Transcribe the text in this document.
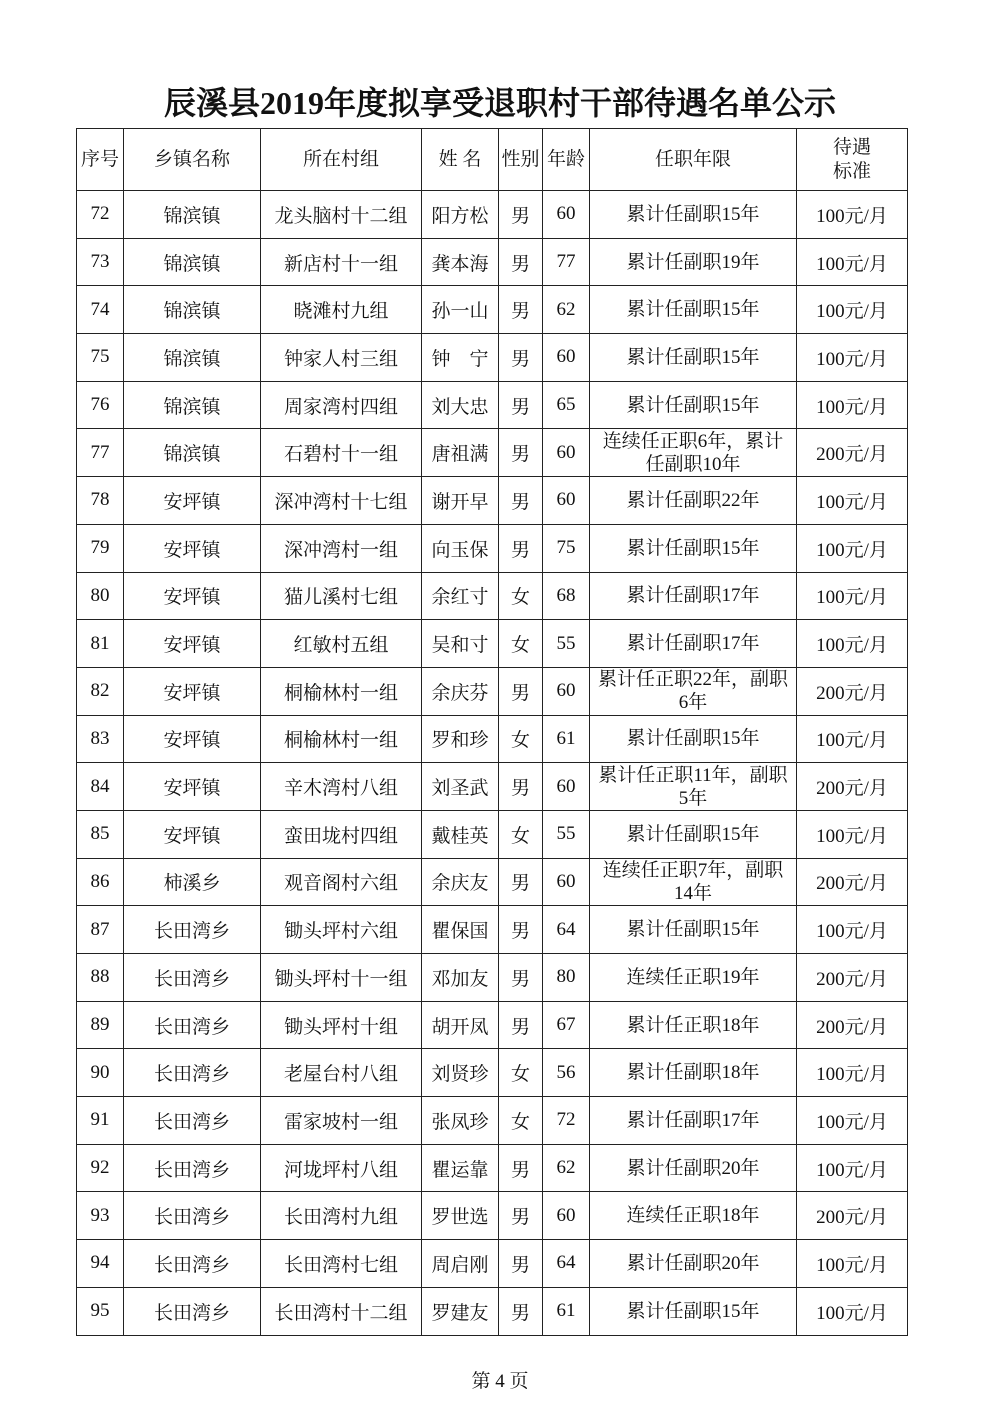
辰溪县2019年度拟享受退职村干部待遇名单公示
序号	乡镇名称	所在村组	姓 名	性别	年龄	任职年限	待遇标准
72	锦滨镇	龙头脑村十二组	阳方松	男	60	累计任副职15年	100元/月
73	锦滨镇	新店村十一组	龚本海	男	77	累计任副职19年	100元/月
74	锦滨镇	晓滩村九组	孙一山	男	62	累计任副职15年	100元/月
75	锦滨镇	钟家人村三组	钟　宁	男	60	累计任副职15年	100元/月
76	锦滨镇	周家湾村四组	刘大忠	男	65	累计任副职15年	100元/月
77	锦滨镇	石碧村十一组	唐祖满	男	60	连续任正职6年，累计任副职10年	200元/月
78	安坪镇	深冲湾村十七组	谢开早	男	60	累计任副职22年	100元/月
79	安坪镇	深冲湾村一组	向玉保	男	75	累计任副职15年	100元/月
80	安坪镇	猫儿溪村七组	余红寸	女	68	累计任副职17年	100元/月
81	安坪镇	红敏村五组	吴和寸	女	55	累计任副职17年	100元/月
82	安坪镇	桐榆林村一组	余庆芬	男	60	累计任正职22年，副职6年	200元/月
83	安坪镇	桐榆林村一组	罗和珍	女	61	累计任副职15年	100元/月
84	安坪镇	辛木湾村八组	刘圣武	男	60	累计任正职11年，副职5年	200元/月
85	安坪镇	蛮田垅村四组	戴桂英	女	55	累计任副职15年	100元/月
86	柿溪乡	观音阁村六组	余庆友	男	60	连续任正职7年，副职14年	200元/月
87	长田湾乡	锄头坪村六组	瞿保国	男	64	累计任副职15年	100元/月
88	长田湾乡	锄头坪村十一组	邓加友	男	80	连续任正职19年	200元/月
89	长田湾乡	锄头坪村十组	胡开凤	男	67	累计任正职18年	200元/月
90	长田湾乡	老屋台村八组	刘贤珍	女	56	累计任副职18年	100元/月
91	长田湾乡	雷家坡村一组	张凤珍	女	72	累计任副职17年	100元/月
92	长田湾乡	河垅坪村八组	瞿运靠	男	62	累计任副职20年	100元/月
93	长田湾乡	长田湾村九组	罗世选	男	60	连续任正职18年	200元/月
94	长田湾乡	长田湾村七组	周启刚	男	64	累计任副职20年	100元/月
95	长田湾乡	长田湾村十二组	罗建友	男	61	累计任副职15年	100元/月
第 4 页
